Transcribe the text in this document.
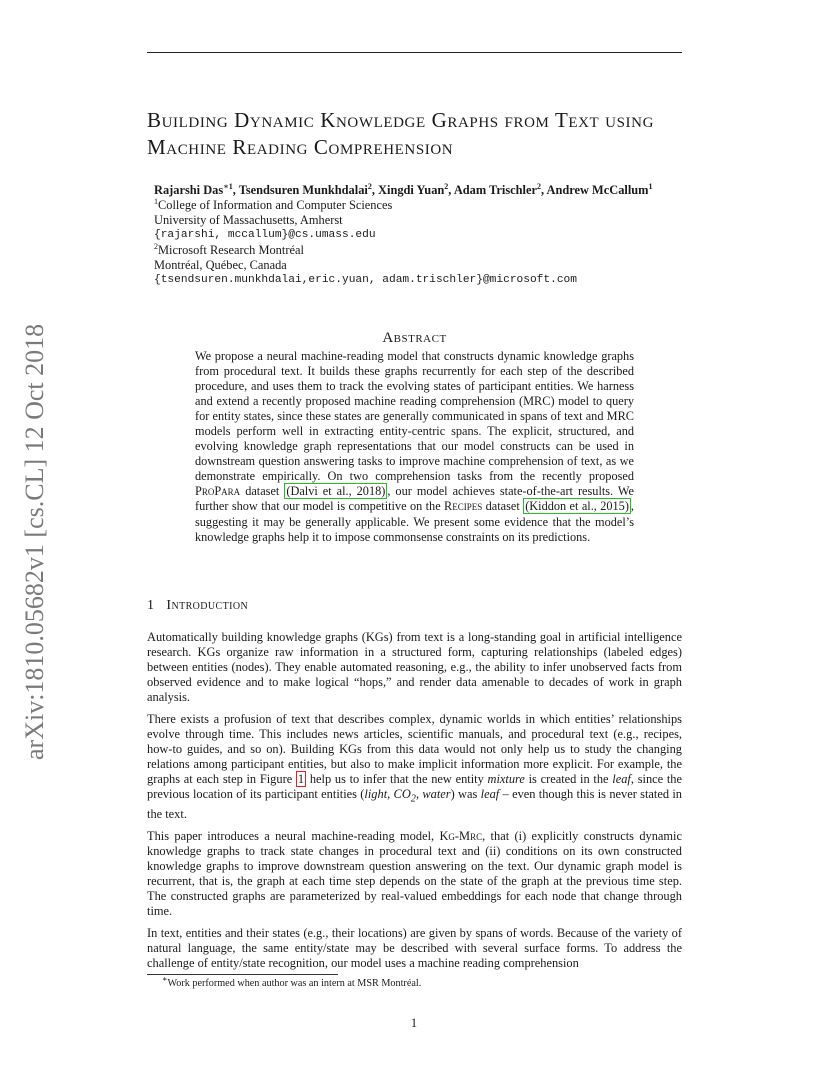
Building Dynamic Knowledge Graphs from Text using Machine Reading Comprehension
Rajarshi Das$^{∗1}$, Tsendsuren Munkhdalai$^2$, Xingdi Yuan$^2$, Adam Trischler$^2$, Andrew McCallum$^1$
$^1$College of Information and Computer Sciences
University of Massachusetts, Amherst
{rajarshi, mccallum}@cs.umass.edu
$^2$Microsoft Research Montréal
Montréal, Québec, Canada
{tsendsuren.munkhdalai,eric.yuan, adam.trischler}@microsoft.com
arXiv:1810.05682v1 [cs.CL] 12 Oct 2018	Abstract
We propose a neural machine-reading model that constructs dynamic knowledge graphs from procedural text. It builds these graphs recurrently for each step of the described procedure, and uses them to track the evolving states of participant entities. We harness and extend a recently proposed machine reading comprehension (MRC) model to query for entity states, since these states are generally communicated in spans of text and MRC models perform well in extracting entity-centric spans. The explicit, structured, and evolving knowledge graph representations that our model constructs can be used in downstream question answering tasks to improve machine comprehension of text, as we demonstrate empirically. On two comprehension tasks from the recently proposed ProPara dataset (Dalvi et al., 2018) , our model achieves state-of-the-art results. We further show that our model is competitive on the Recipes dataset (Kiddon et al., 2015) , suggesting it may be generally applicable. We present some evidence that the model’s knowledge graphs help it to impose commonsense constraints on its predictions.
1 Introduction

Automatically building knowledge graphs (KGs) from text is a long-standing goal in artificial intelligence research. KGs organize raw information in a structured form, capturing relationships (labeled edges) between entities (nodes). They enable automated reasoning, e.g., the ability to infer unobserved facts from observed evidence and to make logical “hops,” and render data amenable to decades of work in graph analysis.

There exists a profusion of text that describes complex, dynamic worlds in which entities’ relationships evolve through time. This includes news articles, scientific manuals, and procedural text (e.g., recipes, how-to guides, and so on). Building KGs from this data would not only help us to study the changing relations among participant entities, but also to make implicit information more explicit. For example, the graphs at each step in Figure 1 help us to infer that the new entity mixture is created in the leaf, since the previous location of its participant entities (light, $CO_2$, water) was leaf – even though this is never stated in the text.

This paper introduces a neural machine-reading model, Kg-Mrc, that (i) explicitly constructs dynamic knowledge graphs to track state changes in procedural text and (ii) conditions on its own constructed knowledge graphs to improve downstream question answering on the text. Our dynamic graph model is recurrent, that is, the graph at each time step depends on the state of the graph at the previous time step. The constructed graphs are parameterized by real-valued embeddings for each node that change through time.

In text, entities and their states (e.g., their locations) are given by spans of words. Because of the variety of natural language, the same entity/state may be described with several surface forms. To address the challenge of entity/state recognition, our model uses a machine reading comprehension

∗Work performed when author was an intern at MSR Montréal.
1
